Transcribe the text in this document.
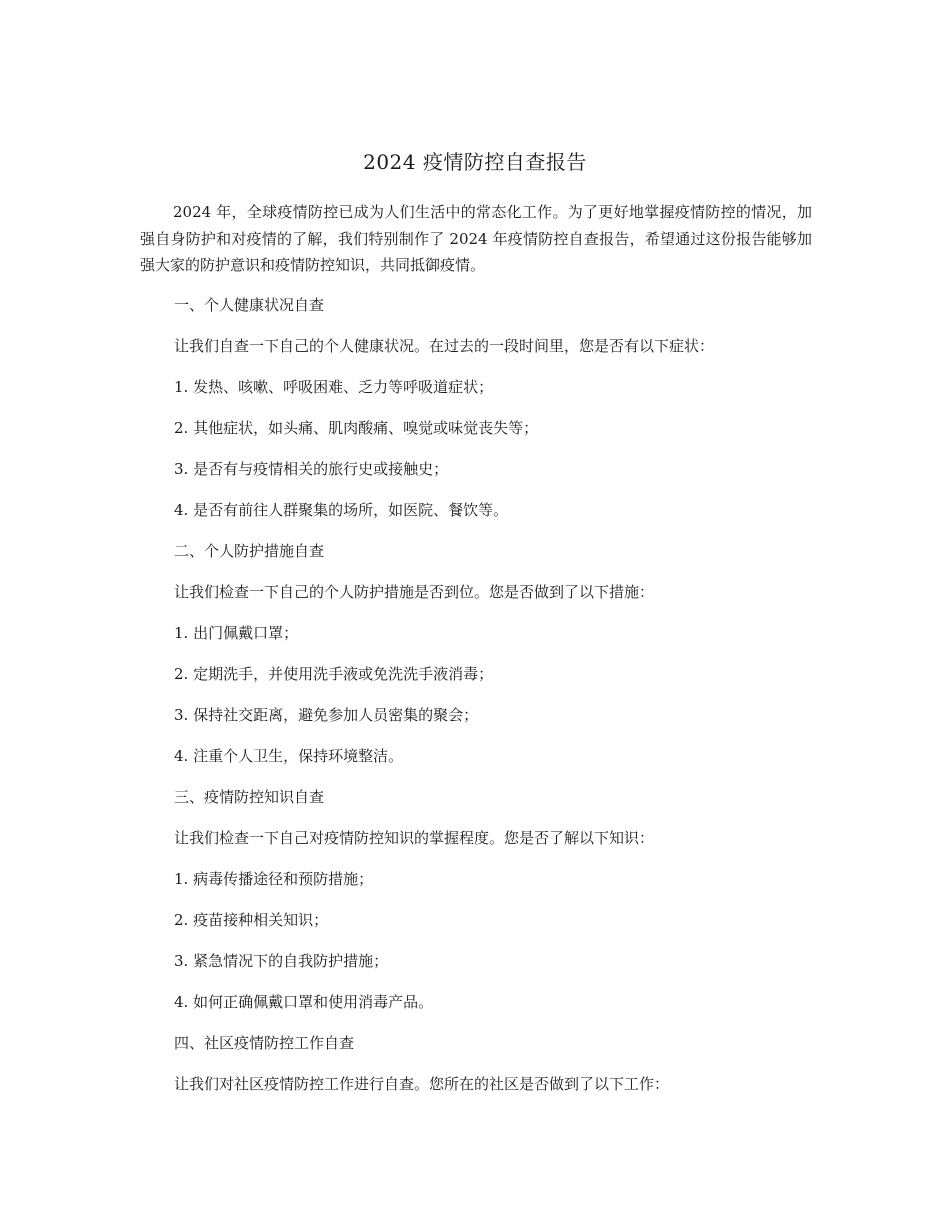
2024 疫情防控自查报告

2024 年，全球疫情防控已成为人们生活中的常态化工作。为了更好地掌握疫情防控的情况，加强自身防护和对疫情的了解，我们特别制作了 2024 年疫情防控自查报告，希望通过这份报告能够加强大家的防护意识和疫情防控知识，共同抵御疫情。

一、个人健康状况自查

让我们自查一下自己的个人健康状况。在过去的一段时间里，您是否有以下症状：

1. 发热、咳嗽、呼吸困难、乏力等呼吸道症状；

2. 其他症状，如头痛、肌肉酸痛、嗅觉或味觉丧失等；

3. 是否有与疫情相关的旅行史或接触史；

4. 是否有前往人群聚集的场所，如医院、餐饮等。

二、个人防护措施自查

让我们检查一下自己的个人防护措施是否到位。您是否做到了以下措施：

1. 出门佩戴口罩；

2. 定期洗手，并使用洗手液或免洗洗手液消毒；

3. 保持社交距离，避免参加人员密集的聚会；

4. 注重个人卫生，保持环境整洁。

三、疫情防控知识自查

让我们检查一下自己对疫情防控知识的掌握程度。您是否了解以下知识：

1. 病毒传播途径和预防措施；

2. 疫苗接种相关知识；

3. 紧急情况下的自我防护措施；

4. 如何正确佩戴口罩和使用消毒产品。

四、社区疫情防控工作自查

让我们对社区疫情防控工作进行自查。您所在的社区是否做到了以下工作：
